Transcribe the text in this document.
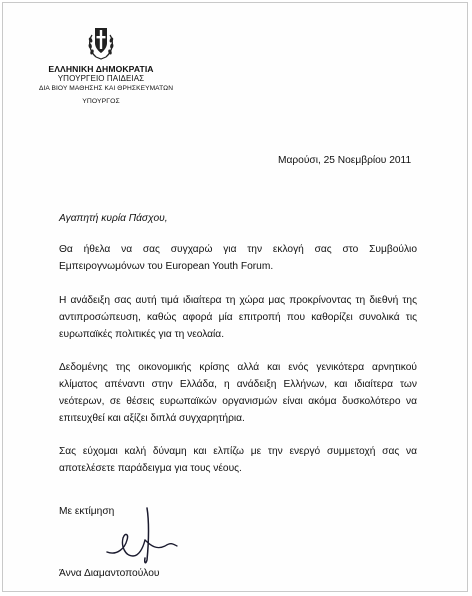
ΕΛΛΗΝΙΚΗ ΔΗΜΟΚΡΑΤΙΑ
ΥΠΟΥΡΓΕΙΟ ΠΑΙΔΕΙΑΣ
ΔΙΑ ΒΙΟΥ ΜΑΘΗΣΗΣ ΚΑΙ ΘΡΗΣΚΕΥΜΑΤΩΝ
ΥΠΟΥΡΓΟΣ
Μαρούσι, 25 Νοεμβρίου 2011
Αγαπητή κυρία Πάσχου,

Θα ήθελα να σας συγχαρώ για την εκλογή σας στο Συμβούλιο Εμπειρογνωμόνων του European Youth Forum.

Η ανάδειξη σας αυτή τιμά ιδιαίτερα τη χώρα μας προκρίνοντας τη διεθνή της αντιπροσώπευση, καθώς αφορά μία επιτροπή που καθορίζει συνολικά τις ευρωπαϊκές πολιτικές για τη νεολαία.

Δεδομένης της οικονομικής κρίσης αλλά και ενός γενικότερα αρνητικού κλίματος απέναντι στην Ελλάδα, η ανάδειξη Ελλήνων, και ιδιαίτερα των νεότερων, σε θέσεις ευρωπαϊκών οργανισμών είναι ακόμα δυσκολότερο να επιτευχθεί και αξίζει διπλά συγχαρητήρια.

Σας εύχομαι καλή δύναμη και ελπίζω με την ενεργό συμμετοχή σας να αποτελέσετε παράδειγμα για τους νέους.

Με εκτίμηση
Άννα Διαμαντοπούλου
